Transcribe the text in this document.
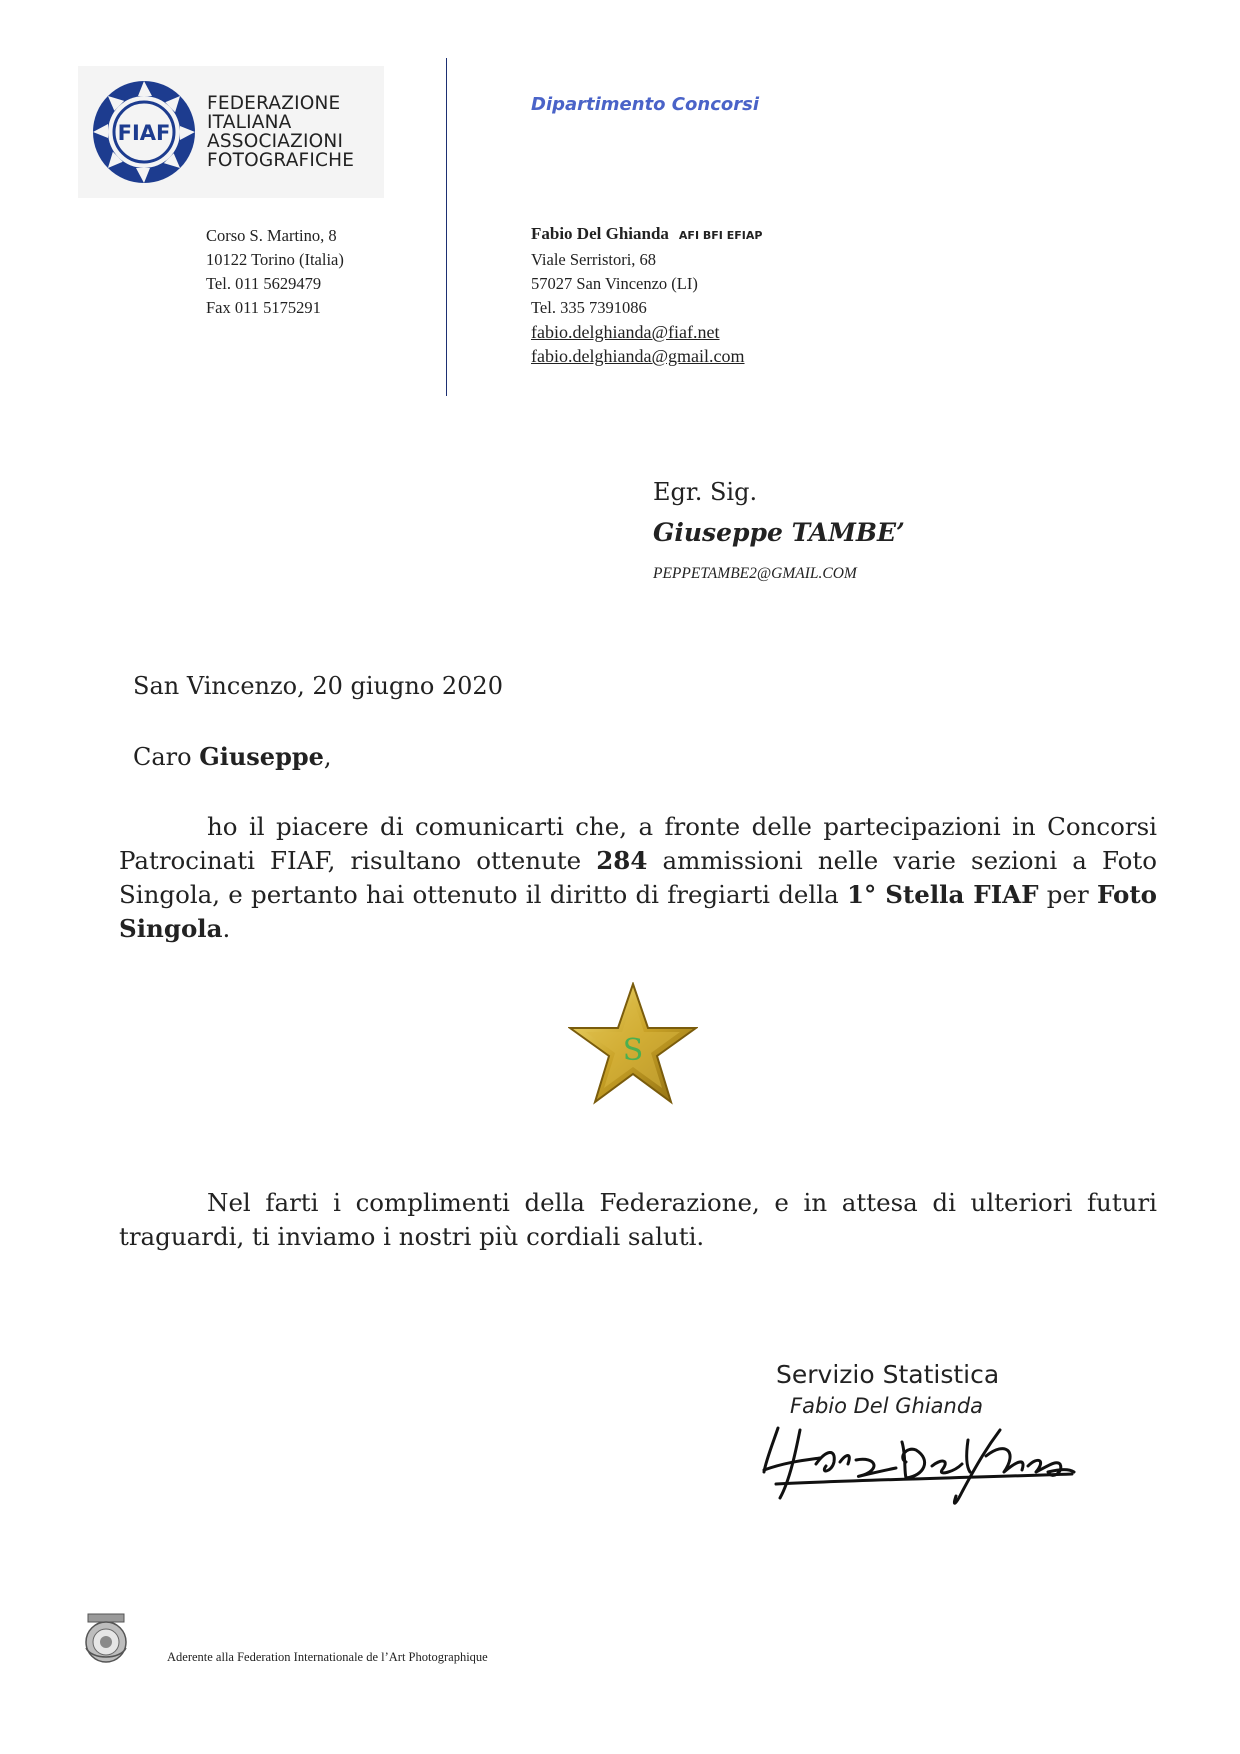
FIAF
FEDERAZIONE
ITALIANA
ASSOCIAZIONI
FOTOGRAFICHE
Dipartimento Concorsi
Corso S. Martino, 8
10122 Torino (Italia)
Tel. 011 5629479
Fax 011 5175291
Fabio Del Ghianda AFI BFI EFIAP
Viale Serristori, 68
57027 San Vincenzo (LI)
Tel. 335 7391086
fabio.delghianda@fiaf.net
fabio.delghianda@gmail.com
Egr. Sig.
Giuseppe TAMBE’
PEPPETAMBE2@GMAIL.COM
San Vincenzo, 20 giugno 2020
Caro Giuseppe,
ho il piacere di comunicarti che, a fronte delle partecipazioni in Concorsi Patrocinati FIAF, risultano ottenute 284 ammissioni nelle varie sezioni a Foto Singola, e pertanto hai ottenuto il diritto di fregiarti della 1° Stella FIAF per Foto Singola.
S
Nel farti i complimenti della Federazione, e in attesa di ulteriori futuri traguardi, ti inviamo i nostri più cordiali saluti.
Servizio Statistica
Fabio Del Ghianda
Aderente alla Federation Internationale de l’Art Photographique
